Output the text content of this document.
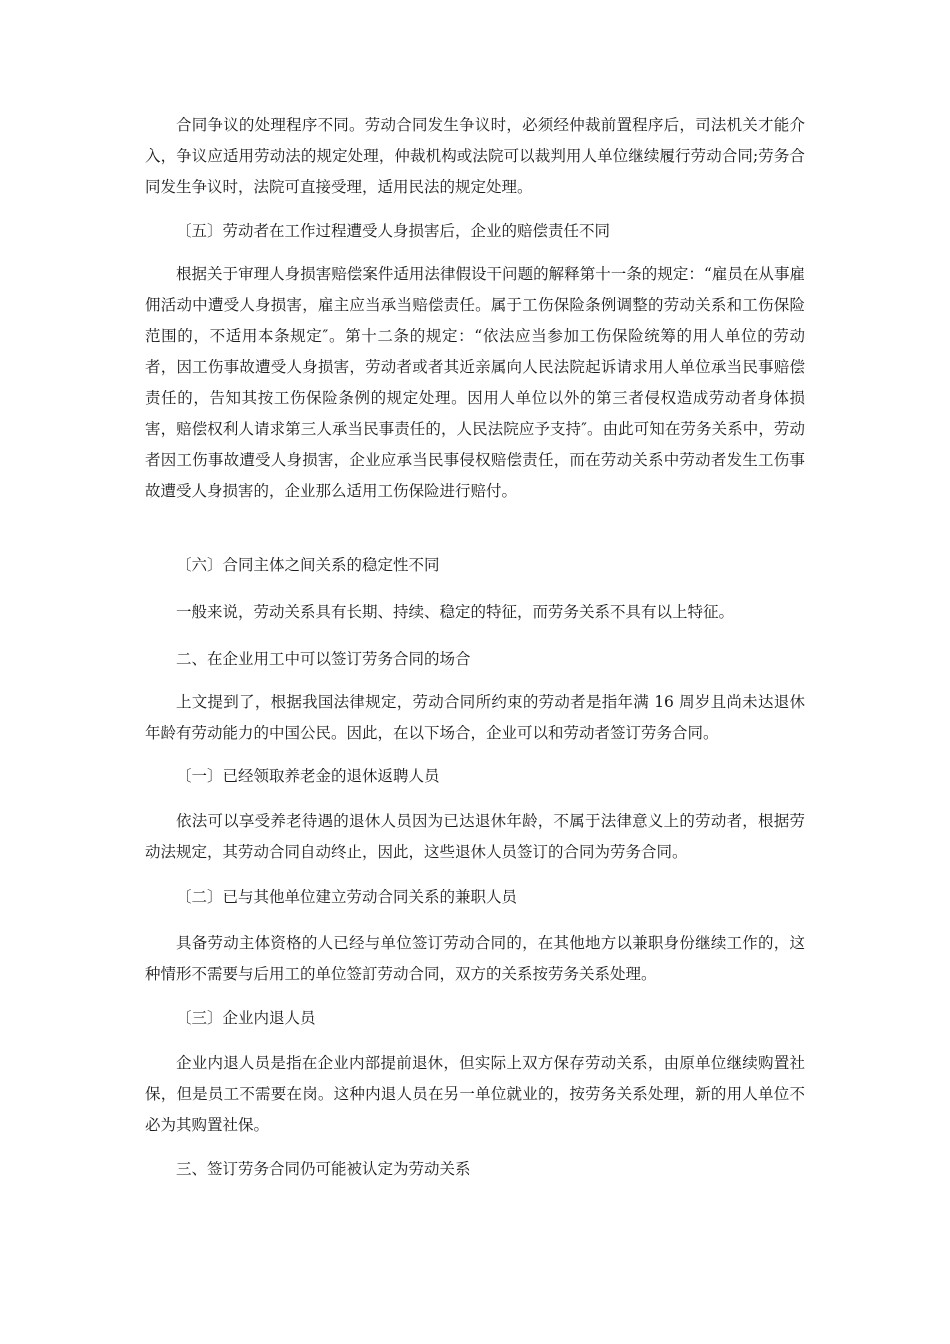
合同争议的处理程序不同。劳动合同发生争议时，必须经仲裁前置程序后，司法机关才能介入，争议应适用劳动法的规定处理，仲裁机构或法院可以裁判用人单位继续履行劳动合同;劳务合同发生争议时，法院可直接受理，适用民法的规定处理。

〔五〕劳动者在工作过程遭受人身损害后，企业的赔偿责任不同

根据关于审理人身损害赔偿案件适用法律假设干问题的解释第十一条的规定：“雇员在从事雇佣活动中遭受人身损害，雇主应当承当赔偿责任。属于工伤保险条例调整的劳动关系和工伤保险范围的，不适用本条规定″。第十二条的规定：“依法应当参加工伤保险统筹的用人单位的劳动者，因工伤事故遭受人身损害，劳动者或者其近亲属向人民法院起诉请求用人单位承当民事赔偿责任的，告知其按工伤保险条例的规定处理。因用人单位以外的第三者侵权造成劳动者身体损害，赔偿权利人请求第三人承当民事责任的，人民法院应予支持″。由此可知在劳务关系中，劳动者因工伤事故遭受人身损害，企业应承当民事侵权赔偿责任，而在劳动关系中劳动者发生工伤事故遭受人身损害的，企业那么适用工伤保险进行赔付。

〔六〕合同主体之间关系的稳定性不同

一般来说，劳动关系具有长期、持续、稳定的特征，而劳务关系不具有以上特征。

二、在企业用工中可以签订劳务合同的场合

上文提到了，根据我国法律规定，劳动合同所约束的劳动者是指年满 16 周岁且尚未达退休年龄有劳动能力的中国公民。因此，在以下场合，企业可以和劳动者签订劳务合同。

〔一〕已经领取养老金的退休返聘人员

依法可以享受养老待遇的退休人员因为已达退休年龄，不属于法律意义上的劳动者，根据劳动法规定，其劳动合同自动终止，因此，这些退休人员签订的合同为劳务合同。

〔二〕已与其他单位建立劳动合同关系的兼职人员

具备劳动主体资格的人已经与单位签订劳动合同的，在其他地方以兼职身份继续工作的，这种情形不需要与后用工的单位签訂劳动合同，双方的关系按劳务关系处理。

〔三〕企业内退人员

企业内退人员是指在企业内部提前退休，但实际上双方保存劳动关系，由原单位继续购置社保，但是员工不需要在岗。这种内退人员在另一单位就业的，按劳务关系处理，新的用人单位不必为其购置社保。

三、签订劳务合同仍可能被认定为劳动关系
